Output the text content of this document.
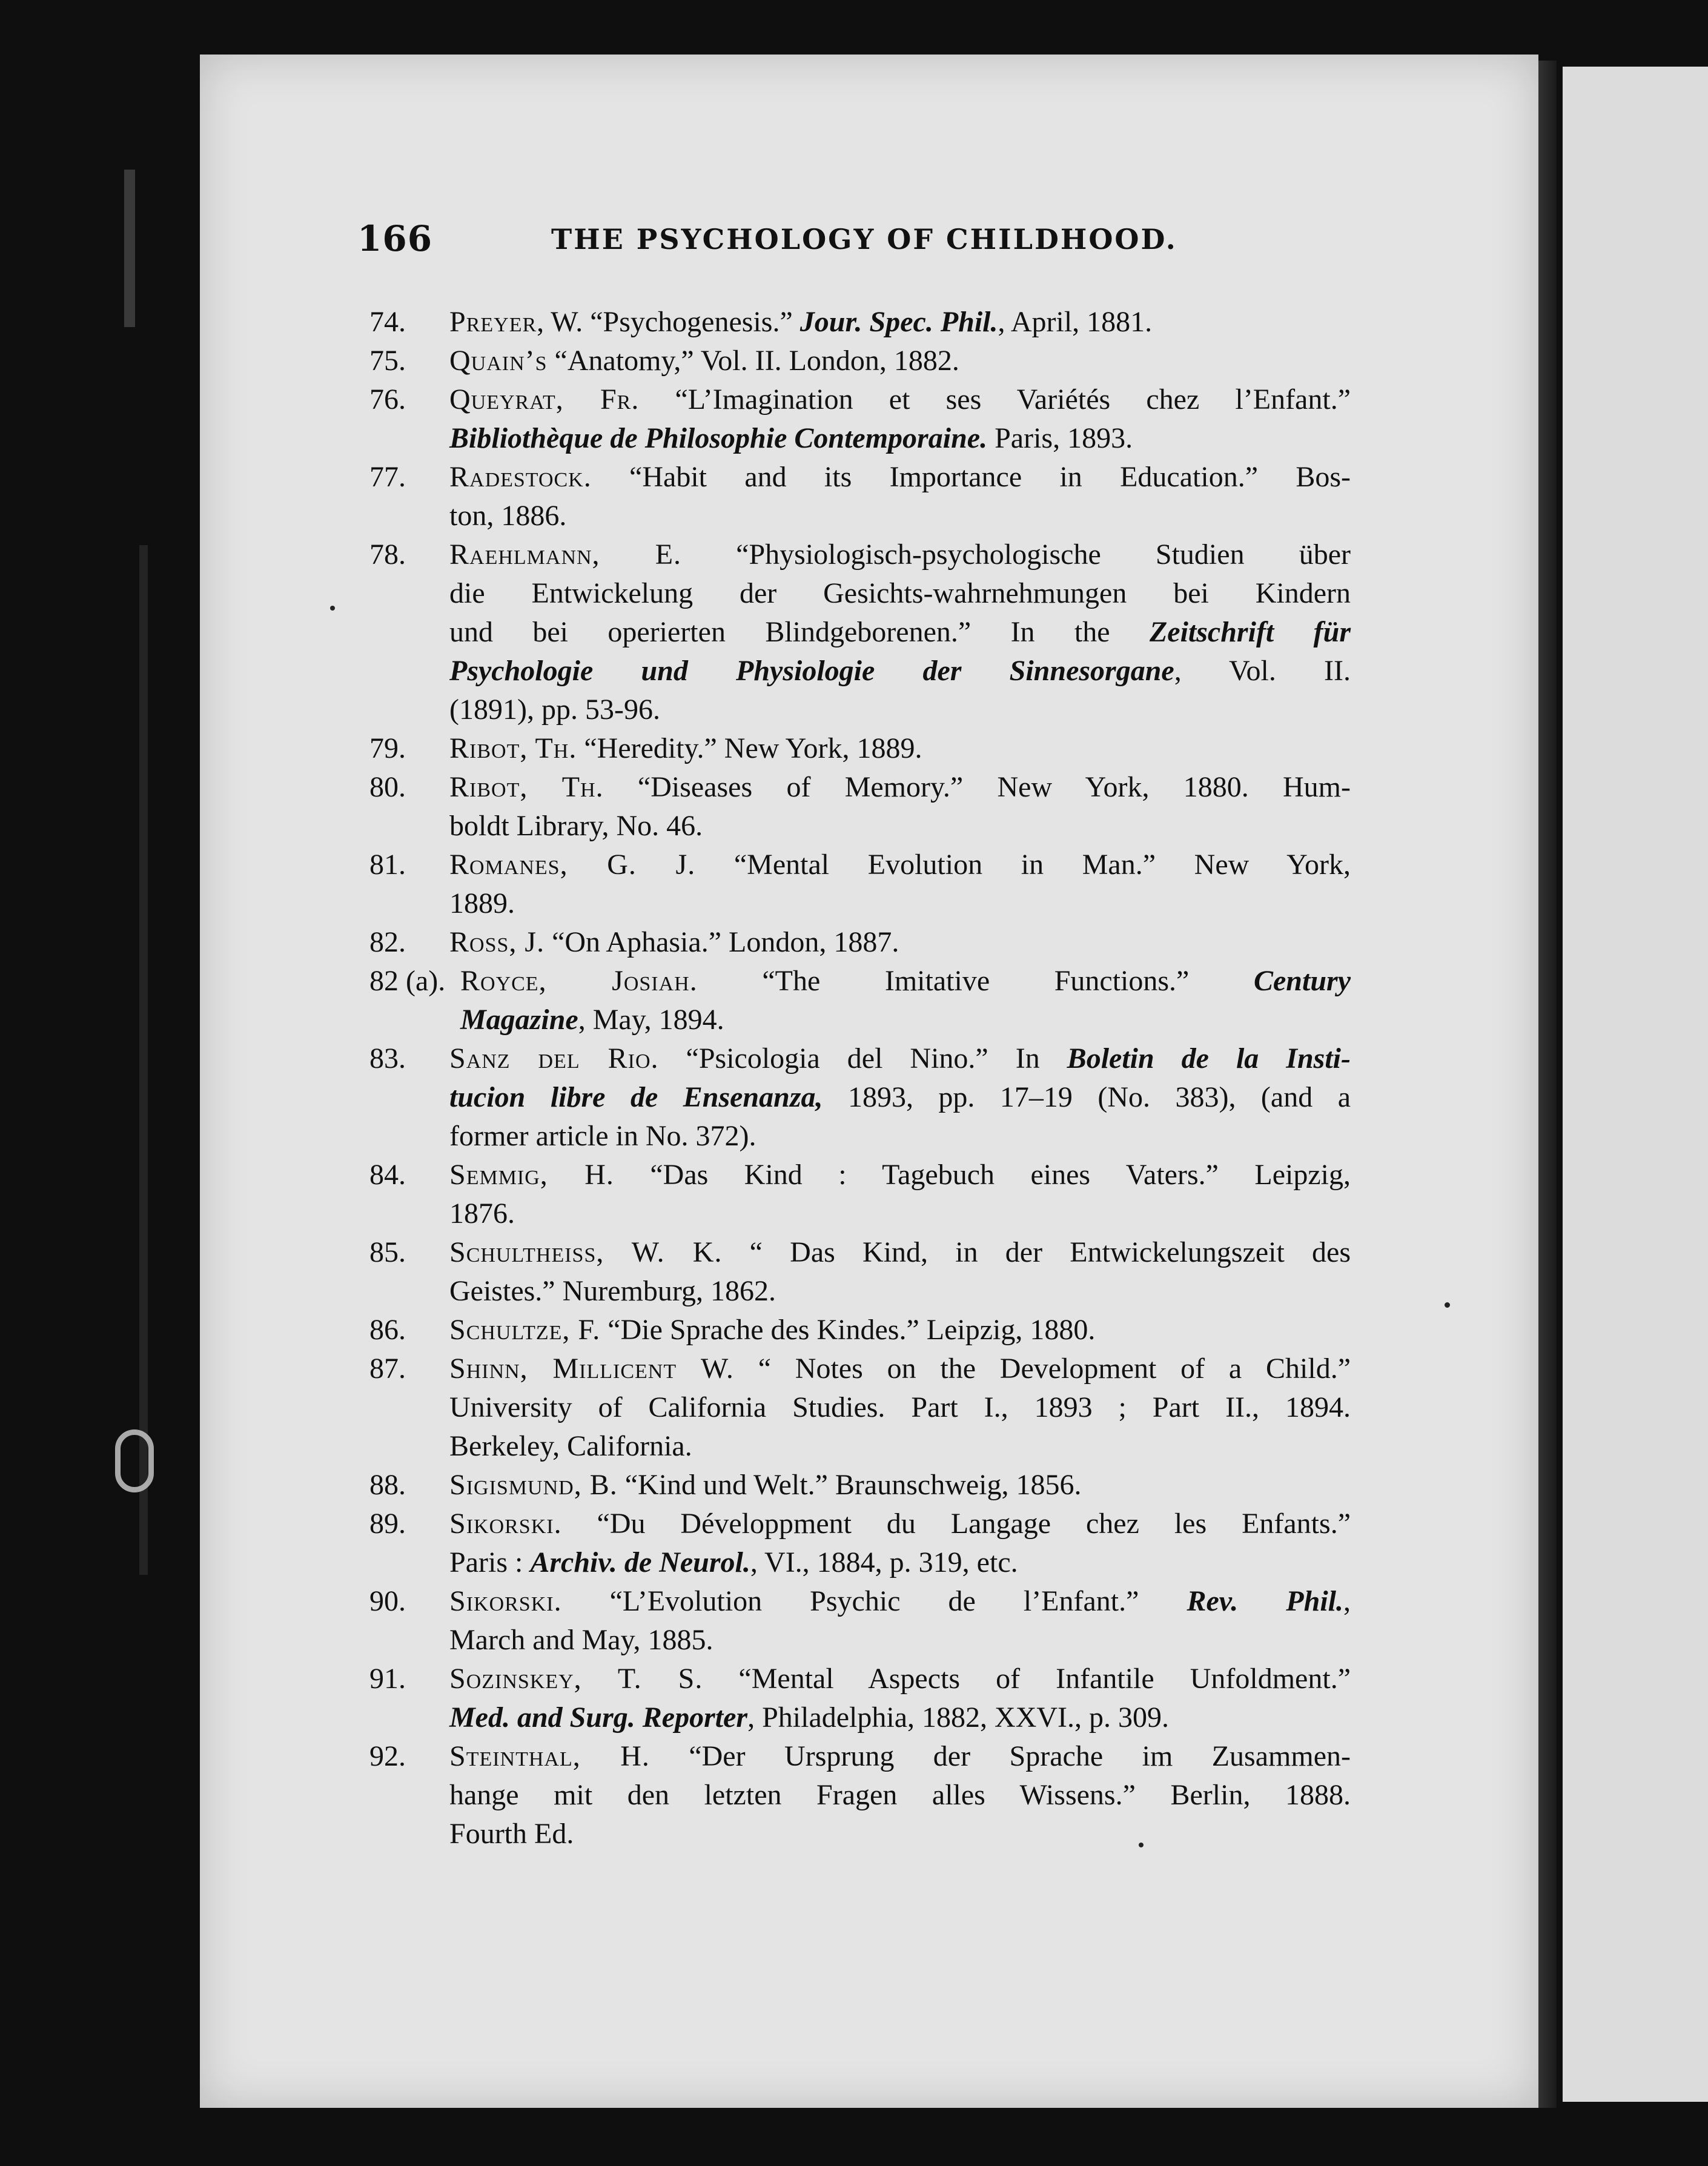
166	THE PSYCHOLOGY OF CHILDHOOD.
74.	Preyer, W. “Psychogenesis.” Jour. Spec. Phil., April, 1881.
75.	Quain’s “Anatomy,” Vol. II. London, 1882.
76.	Queyrat, Fr. “L’Imagination et ses Variétés chez l’Enfant.”
Bibliothèque de Philosophie Contemporaine. Paris, 1893.
77.	Radestock. “Habit and its Importance in Education.” Bos-
ton, 1886.
78.	Raehlmann, E. “Physiologisch-psychologische Studien über
die Entwickelung der Gesichts-wahrnehmungen bei Kindern
und bei operierten Blindgeborenen.” In the Zeitschrift für
Psychologie und Physiologie der Sinnesorgane, Vol. II.
(1891), pp. 53-96.
79.	Ribot, Th. “Heredity.” New York, 1889.
80.	Ribot, Th. “Diseases of Memory.” New York, 1880. Hum-
boldt Library, No. 46.
81.	Romanes, G. J. “Mental Evolution in Man.” New York,
1889.
82.	Ross, J. “On Aphasia.” London, 1887.
82 (a). Royce, Josiah. “The Imitative Functions.” Century
Magazine, May, 1894.
83.	Sanz del Rio. “Psicologia del Nino.” In Boletin de la Insti-
tucion libre de Ensenanza, 1893, pp. 17–19 (No. 383), (and a
former article in No. 372).
84.	Semmig, H. “Das Kind : Tagebuch eines Vaters.” Leipzig,
1876.
85.	Schultheiss, W. K. “ Das Kind, in der Entwickelungszeit des
Geistes.” Nuremburg, 1862.
86.	Schultze, F. “Die Sprache des Kindes.” Leipzig, 1880.
87.	Shinn, Millicent W. “ Notes on the Development of a Child.”
University of California Studies. Part I., 1893 ; Part II., 1894.
Berkeley, California.
88.	Sigismund, B. “Kind und Welt.” Braunschweig, 1856.
89.	Sikorski. “Du Développment du Langage chez les Enfants.”
Paris : Archiv. de Neurol., VI., 1884, p. 319, etc.
90.	Sikorski. “L’Evolution Psychic de l’Enfant.” Rev. Phil.,
March and May, 1885.
91.	Sozinskey, T. S. “Mental Aspects of Infantile Unfoldment.”
Med. and Surg. Reporter, Philadelphia, 1882, XXVI., p. 309.
92.	Steinthal, H. “Der Ursprung der Sprache im Zusammen-
hange mit den letzten Fragen alles Wissens.” Berlin, 1888.
Fourth Ed.
